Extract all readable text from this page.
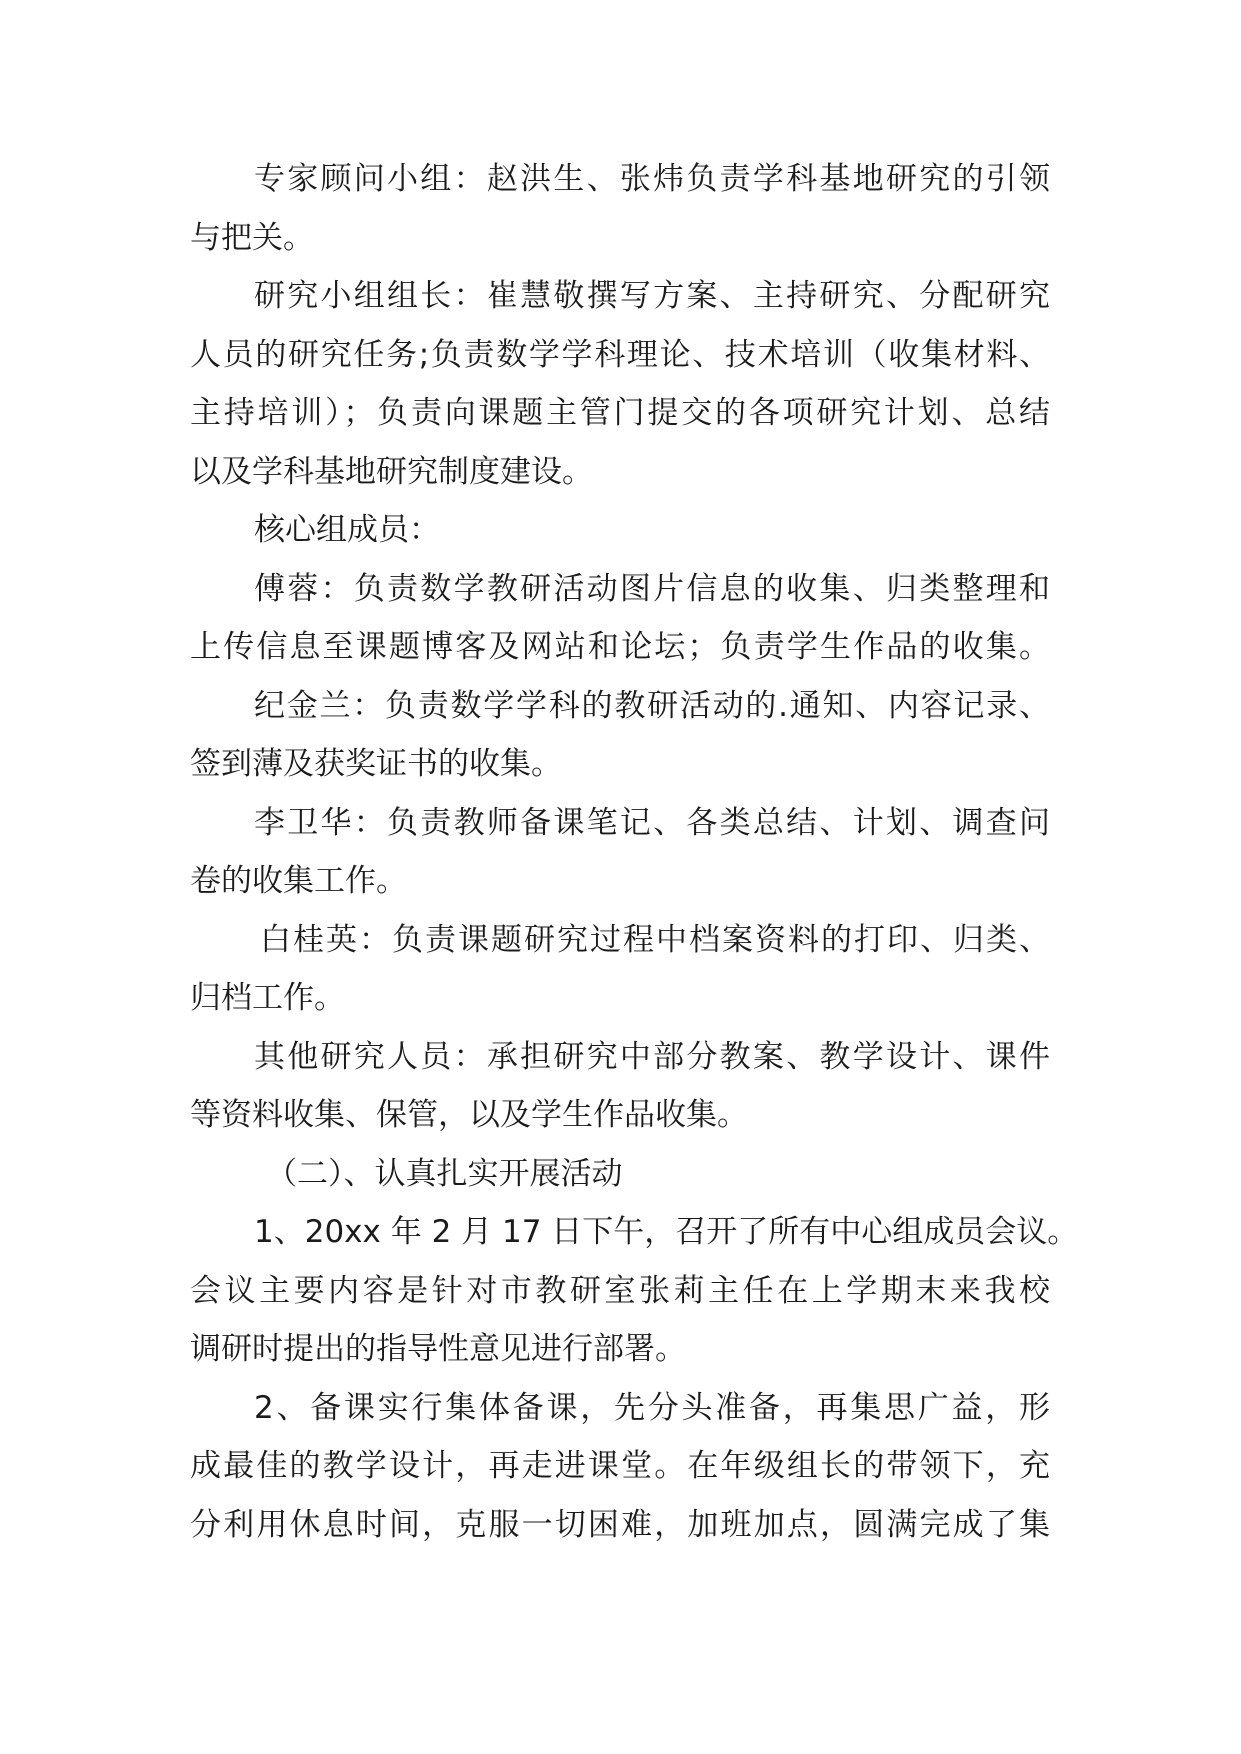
专家顾问小组：赵洪生、张炜负责学科基地研究的引领
与把关。
研究小组组长：崔慧敬撰写方案、主持研究、分配研究
人员的研究任务;负责数学学科理论、技术培训（收集材料、
主持培训）；负责向课题主管门提交的各项研究计划、总结
以及学科基地研究制度建设。
核心组成员：
傅蓉：负责数学教研活动图片信息的收集、归类整理和
上传信息至课题博客及网站和论坛；负责学生作品的收集。
纪金兰：负责数学学科的教研活动的.通知、内容记录、
签到薄及获奖证书的收集。
李卫华：负责教师备课笔记、各类总结、计划、调查问
卷的收集工作。
白桂英：负责课题研究过程中档案资料的打印、归类、
归档工作。
其他研究人员：承担研究中部分教案、教学设计、课件
等资料收集、保管，以及学生作品收集。
（二）、认真扎实开展活动
1、20xx 年 2 月 17 日下午，召开了所有中心组成员会议。
会议主要内容是针对市教研室张莉主任在上学期末来我校
调研时提出的指导性意见进行部署。
2、备课实行集体备课，先分头准备，再集思广益，形
成最佳的教学设计，再走进课堂。在年级组长的带领下，充
分利用休息时间，克服一切困难，加班加点，圆满完成了集
